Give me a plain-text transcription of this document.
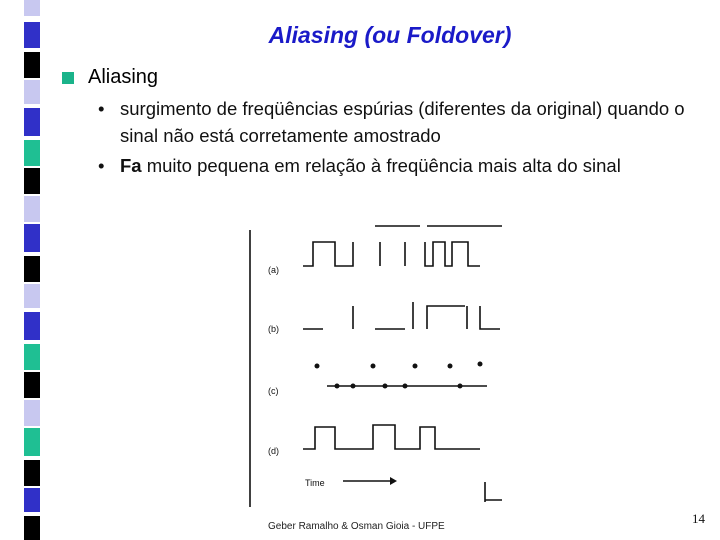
Aliasing (ou Foldover)
Aliasing
• surgimento de freqüências espúrias (diferentes da original) quando o sinal não está corretamente amostrado
• Fa muito pequena em relação à freqüência mais alta do sinal
(a)
(b)
(c)
(d)
Time
Geber Ramalho & Osman Gioia - UFPE
14
